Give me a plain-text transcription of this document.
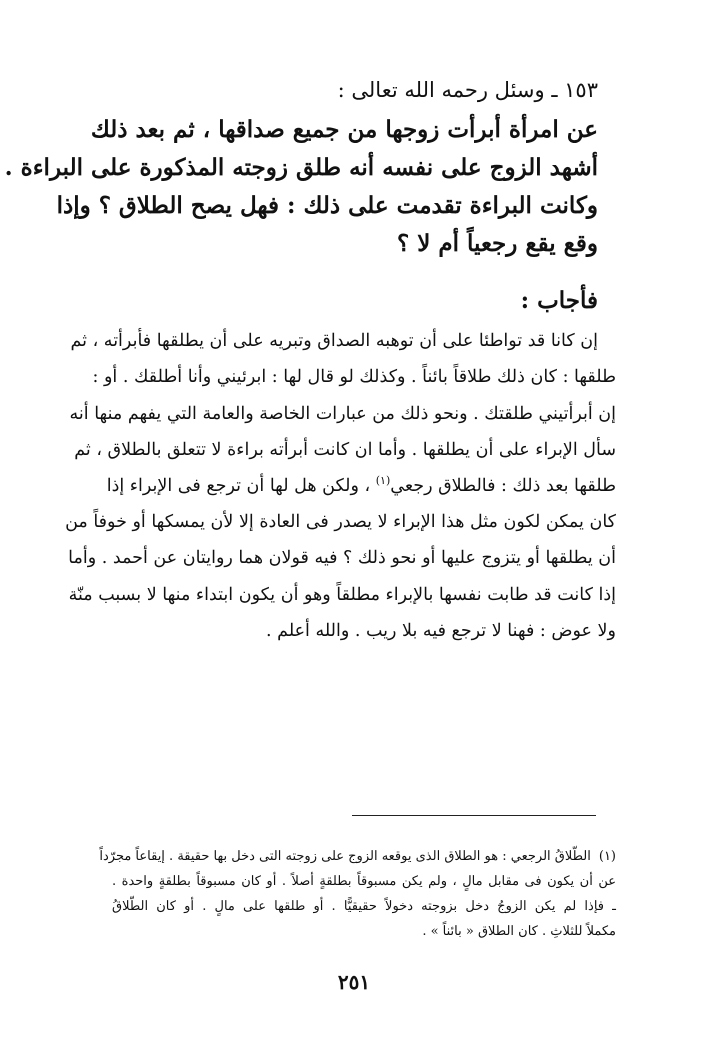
١٥٣ ـ وسئل رحمه الله تعالى :
عن امرأة أبرأت زوجها من جميع صداقها ، ثم بعد ذلك
أشهد الزوج على نفسه أنه طلق زوجته المذكورة على البراءة .
وكانت البراءة تقدمت على ذلك : فهل يصح الطلاق ؟ وإذا
وقع يقع رجعياً أم لا ؟
فأجاب :
إن كانا قد تواطئا على أن توهبه الصداق وتبريه على أن يطلقها فأبرأته ، ثم
طلقها : كان ذلك طلاقاً بائناً . وكذلك لو قال لها : ابرئيني وأنا أطلقك . أو :
إن أبرأتيني طلقتك . ونحو ذلك من عبارات الخاصة والعامة التي يفهم منها أنه
سأل الإبراء على أن يطلقها . وأما ان كانت أبرأته براءة لا تتعلق بالطلاق ، ثم
طلقها بعد ذلك : فالطلاق رجعي$^{(١)}$ ، ولكن هل لها أن ترجع فى الإبراء إذا
كان يمكن لكون مثل هذا الإبراء لا يصدر فى العادة إلا لأن يمسكها أو خوفاً من
أن يطلقها أو يتزوج عليها أو نحو ذلك ؟ فيه قولان هما روايتان عن أحمد . وأما
إذا كانت قد طابت نفسها بالإبراء مطلقاً وهو أن يكون ابتداء منها لا بسبب منّة
ولا عوض : فهنا لا ترجع فيه بلا ريب . والله أعلم .
(١)الطّلاقُ الرجعي : هو الطلاق الذى يوقعه الزوج على زوجته التى دخل بها حقيقة . إيقاعاً مجرّداً
عن أن يكون فى مقابل مالٍ ، ولم يكن مسبوقاً بطلقةٍ أصلاً . أو كان مسبوقاً بطلقةٍ واحدة .
ـ فإذا لم يكن الزوجُ دخل بزوجته دخولاً حقيقيًّا . أو طلقها على مالٍ . أو كان الطّلاقُ
مكملاً للثلاثِ . كان الطلاق « بائناً » .
٢٥١
